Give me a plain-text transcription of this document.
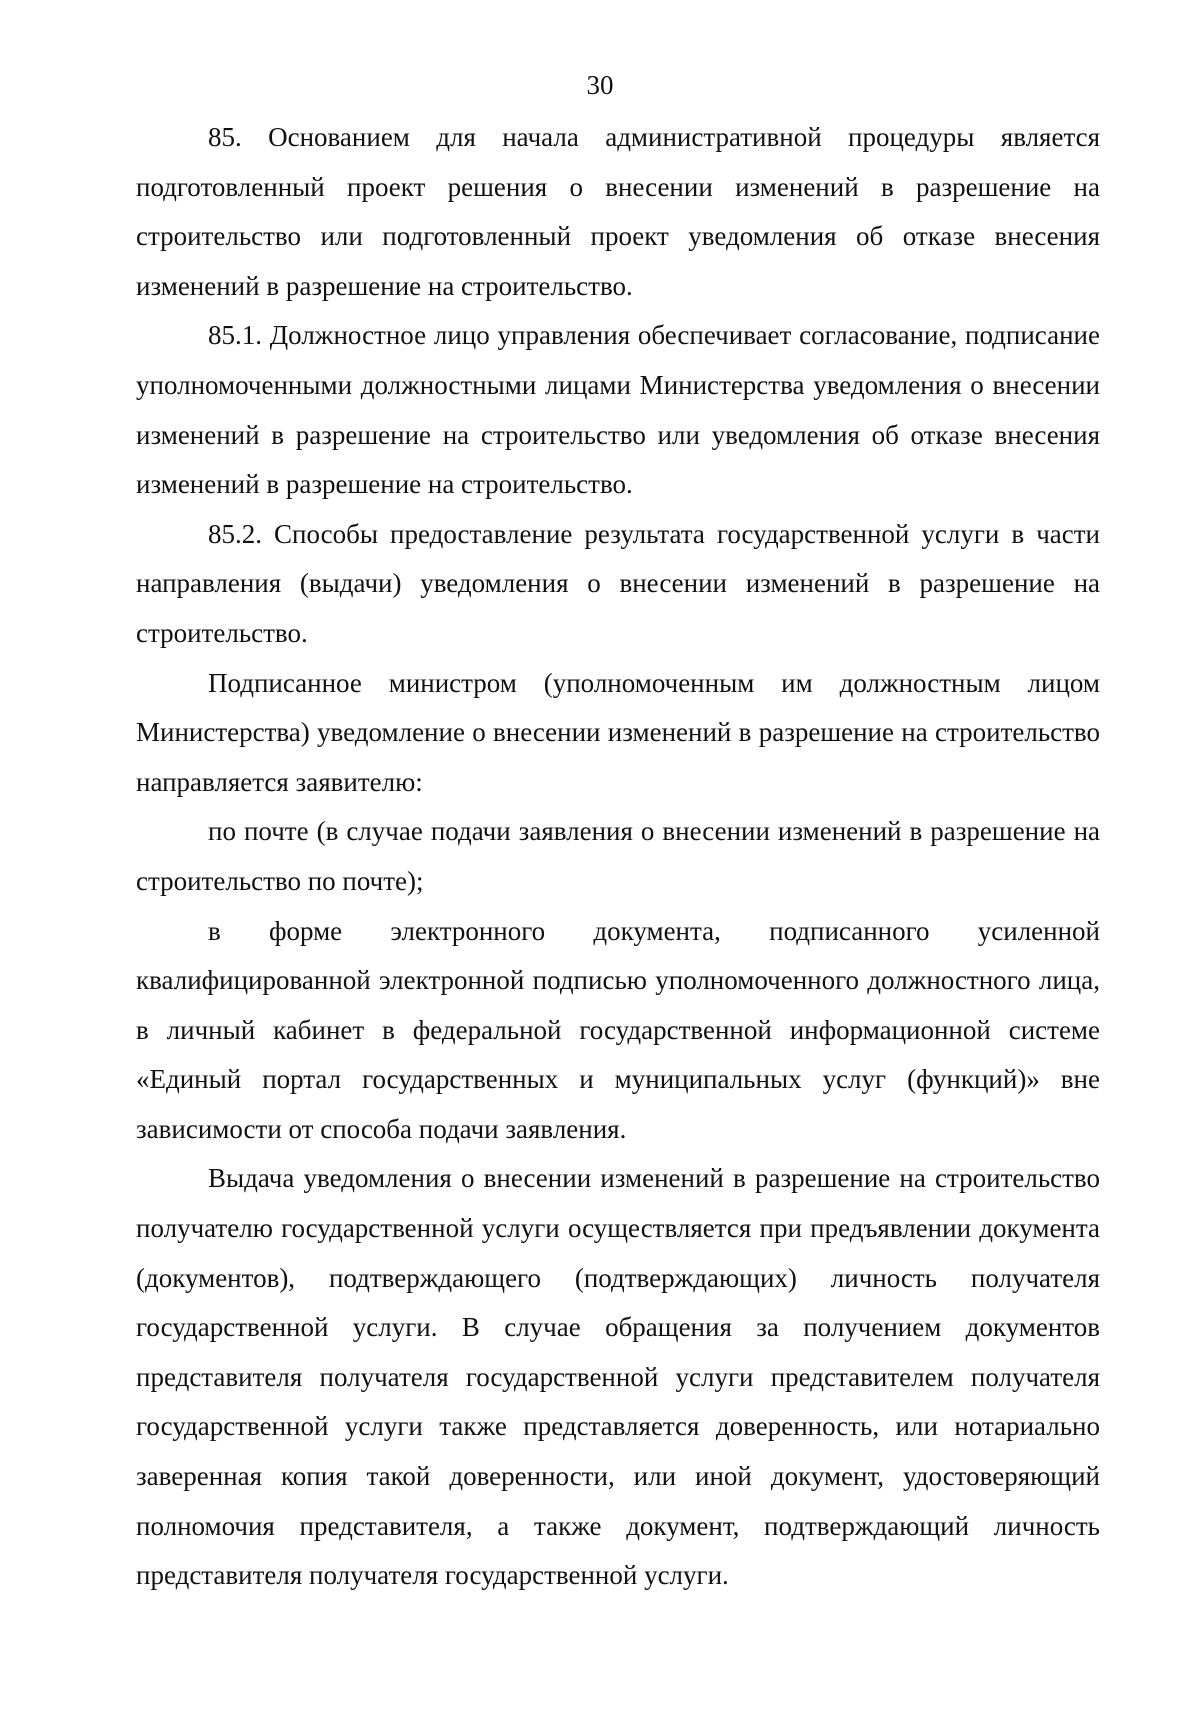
30

85. Основанием для начала административной процедуры является подготовленный проект решения о внесении изменений в разрешение на строительство или подготовленный проект уведомления об отказе внесения изменений в разрешение на строительство.

85.1. Должностное лицо управления обеспечивает согласование, подписание уполномоченными должностными лицами Министерства уведомления о внесении изменений в разрешение на строительство или уведомления об отказе внесения изменений в разрешение на строительство.

85.2. Способы предоставление результата государственной услуги в части направления (выдачи) уведомления о внесении изменений в разрешение на строительство.

Подписанное министром (уполномоченным им должностным лицом Министерства) уведомление о внесении изменений в разрешение на строительство направляется заявителю:

по почте (в случае подачи заявления о внесении изменений в разрешение на строительство по почте);

в форме электронного документа, подписанного усиленной квалифицированной электронной подписью уполномоченного должностного лица, в личный кабинет в федеральной государственной информационной системе «Единый портал государственных и муниципальных услуг (функций)» вне зависимости от способа подачи заявления.

Выдача уведомления о внесении изменений в разрешение на строительство получателю государственной услуги осуществляется при предъявлении документа (документов), подтверждающего (подтверждающих) личность получателя государственной услуги. В случае обращения за получением документов представителя получателя государственной услуги представителем получателя государственной услуги также представляется доверенность, или нотариально заверенная копия такой доверенности, или иной документ, удостоверяющий полномочия представителя, а также документ, подтверждающий личность представителя получателя государственной услуги.
